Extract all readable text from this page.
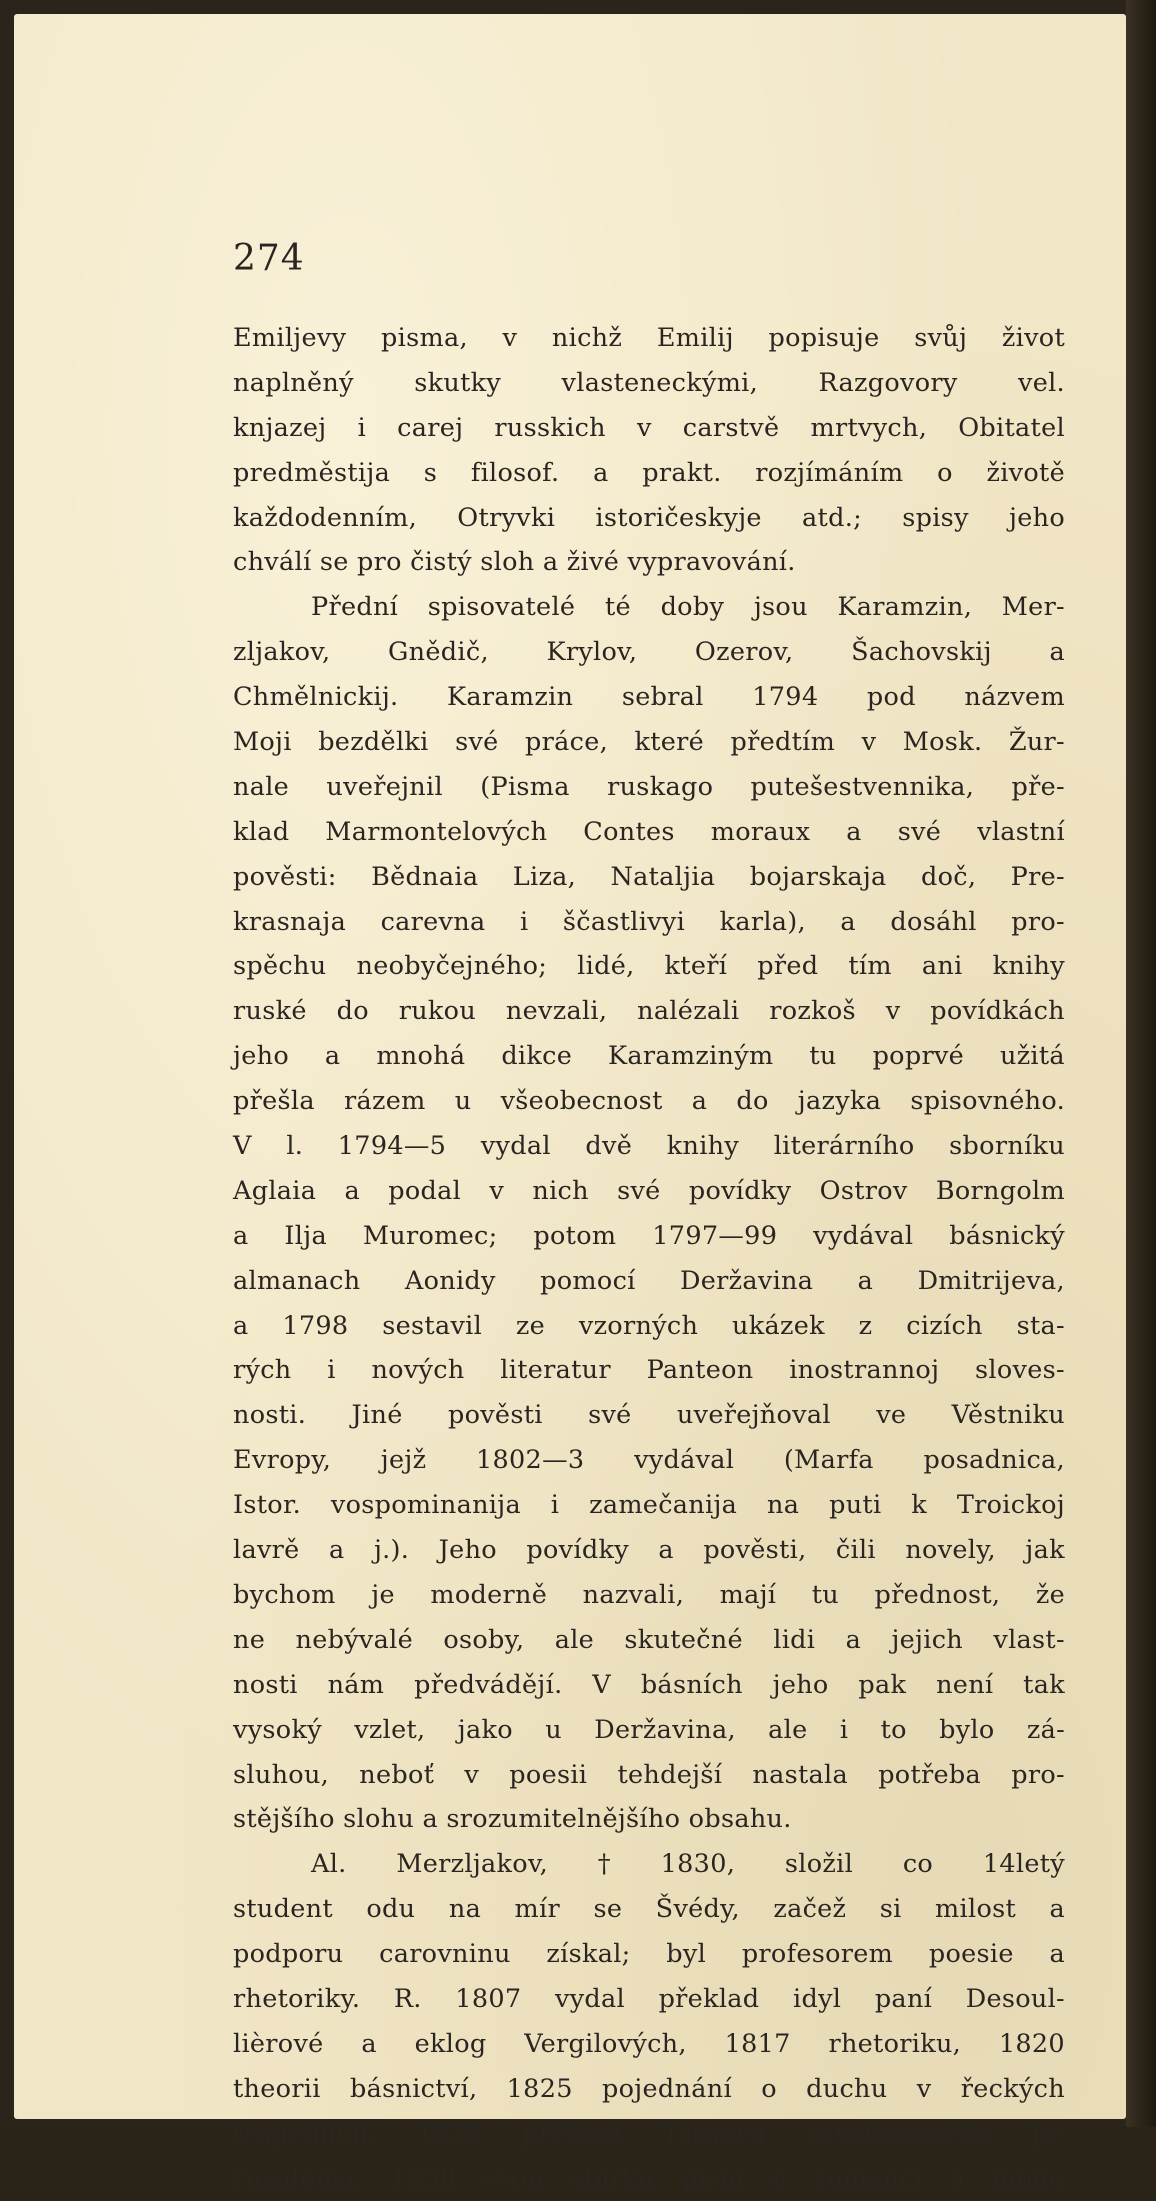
274
Emiljevy pisma, v nichž Emilij popisuje svůj život
naplněný skutky vlasteneckými, Razgovory vel.
knjazej i carej russkich v carstvě mrtvych, Obitatel
predměstija s filosof. a prakt. rozjímáním o životě
každodenním, Otryvki istoričeskyje atd.; spisy jeho
chválí se pro čistý sloh a živé vypravování.
Přední spisovatelé té doby jsou Karamzin, Mer-
zljakov, Gnědič, Krylov, Ozerov, Šachovskij a
Chmělnickij. Karamzin sebral 1794 pod názvem
Moji bezdělki své práce, které předtím v Mosk. Žur-
nale uveřejnil (Pisma ruskago putešestvennika, pře-
klad Marmontelových Contes moraux a své vlastní
pověsti: Bědnaia Liza, Nataljia bojarskaja doč, Pre-
krasnaja carevna i ščastlivyi karla), a dosáhl pro-
spěchu neobyčejného; lidé, kteří před tím ani knihy
ruské do rukou nevzali, nalézali rozkoš v povídkách
jeho a mnohá dikce Karamziným tu poprvé užitá
přešla rázem u všeobecnost a do jazyka spisovného.
V l. 1794—5 vydal dvě knihy literárního sborníku
Aglaia a podal v nich své povídky Ostrov Borngolm
a Ilja Muromec; potom 1797—99 vydával básnický
almanach Aonidy pomocí Deržavina a Dmitrijeva,
a 1798 sestavil ze vzorných ukázek z cizích sta-
rých i nových literatur Panteon inostrannoj sloves-
nosti. Jiné pověsti své uveřejňoval ve Věstniku
Evropy, jejž 1802—3 vydával (Marfa posadnica,
Istor. vospominanija i zamečanija na puti k Troickoj
lavrě a j.). Jeho povídky a pověsti, čili novely, jak
bychom je moderně nazvali, mají tu přednost, že
ne nebývalé osoby, ale skutečné lidi a jejich vlast-
nosti nám předvádějí. V básních jeho pak není tak
vysoký vzlet, jako u Deržavina, ale i to bylo zá-
sluhou, neboť v poesii tehdejší nastala potřeba pro-
stějšího slohu a srozumitelnějšího obsahu.
Al. Merzljakov, † 1830, složil co 14letý
student odu na mír se Švédy, začež si milost a
podporu carovninu získal; byl profesorem poesie a
rhetoriky. R. 1807 vydal překlad idyl paní Desoul-
lièrové a eklog Vergilových, 1817 rhetoriku, 1820
theorii básnictví, 1825 pojednání o duchu v řeckých
tragediích, 1828 překlad Tassova osvobozeného Je-
rusalema, 1830 svou sbírku písní a romancí a mimo
